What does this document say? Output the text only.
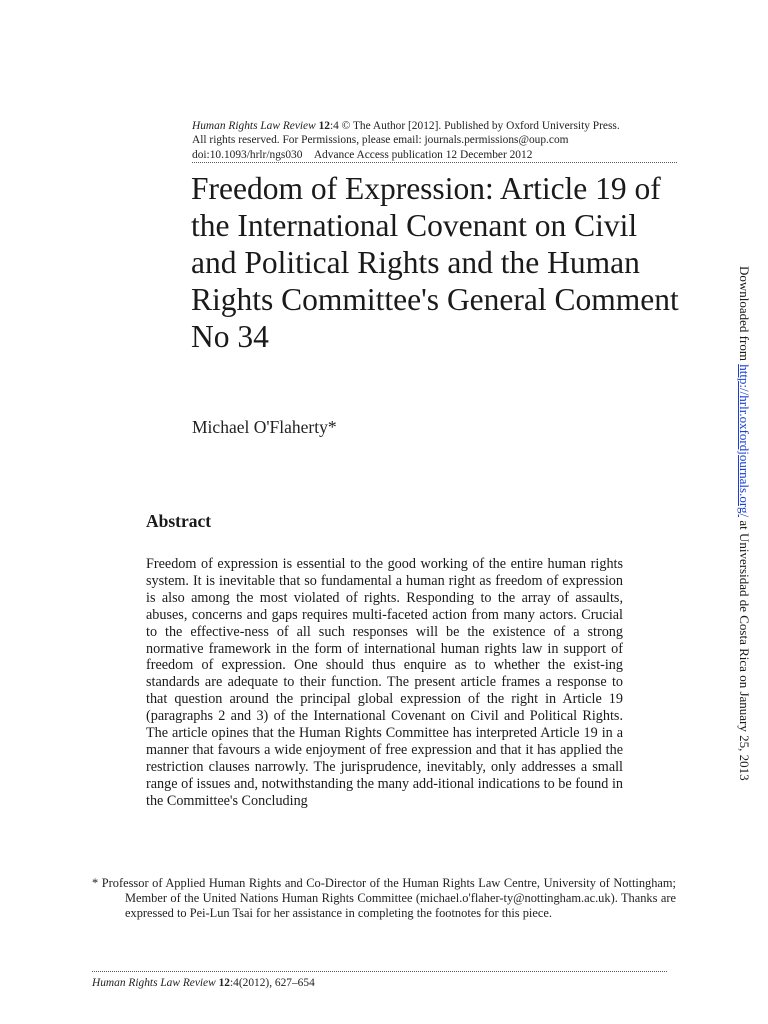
Human Rights Law Review 12:4 © The Author [2012]. Published by Oxford University Press.
All rights reserved. For Permissions, please email: journals.permissions@oup.com
doi:10.1093/hrlr/ngs030 Advance Access publication 12 December 2012
Freedom of Expression: Article 19 of the International Covenant on Civil and Political Rights and the Human Rights Committee's General Comment No 34
Michael O'Flaherty*
Abstract

Freedom of expression is essential to the good working of the entire human rights system. It is inevitable that so fundamental a human right as freedom of expression is also among the most violated of rights. Responding to the array of assaults, abuses, concerns and gaps requires multi-faceted action from many actors. Crucial to the effective-ness of all such responses will be the existence of a strong normative framework in the form of international human rights law in support of freedom of expression. One should thus enquire as to whether the exist-ing standards are adequate to their function. The present article frames a response to that question around the principal global expression of the right in Article 19 (paragraphs 2 and 3) of the International Covenant on Civil and Political Rights. The article opines that the Human Rights Committee has interpreted Article 19 in a manner that favours a wide enjoyment of free expression and that it has applied the restriction clauses narrowly. The jurisprudence, inevitably, only addresses a small range of issues and, notwithstanding the many add-itional indications to be found in the Committee's Concluding

* Professor of Applied Human Rights and Co-Director of the Human Rights Law Centre, University of Nottingham; Member of the United Nations Human Rights Committee (michael.o'flaher-ty@nottingham.ac.uk). Thanks are expressed to Pei-Lun Tsai for her assistance in completing the footnotes for this piece.

Human Rights Law Review 12:4(2012), 627–654
Downloaded from http://hrlr.oxfordjournals.org/ at Universidad de Costa Rica on January 25, 2013
